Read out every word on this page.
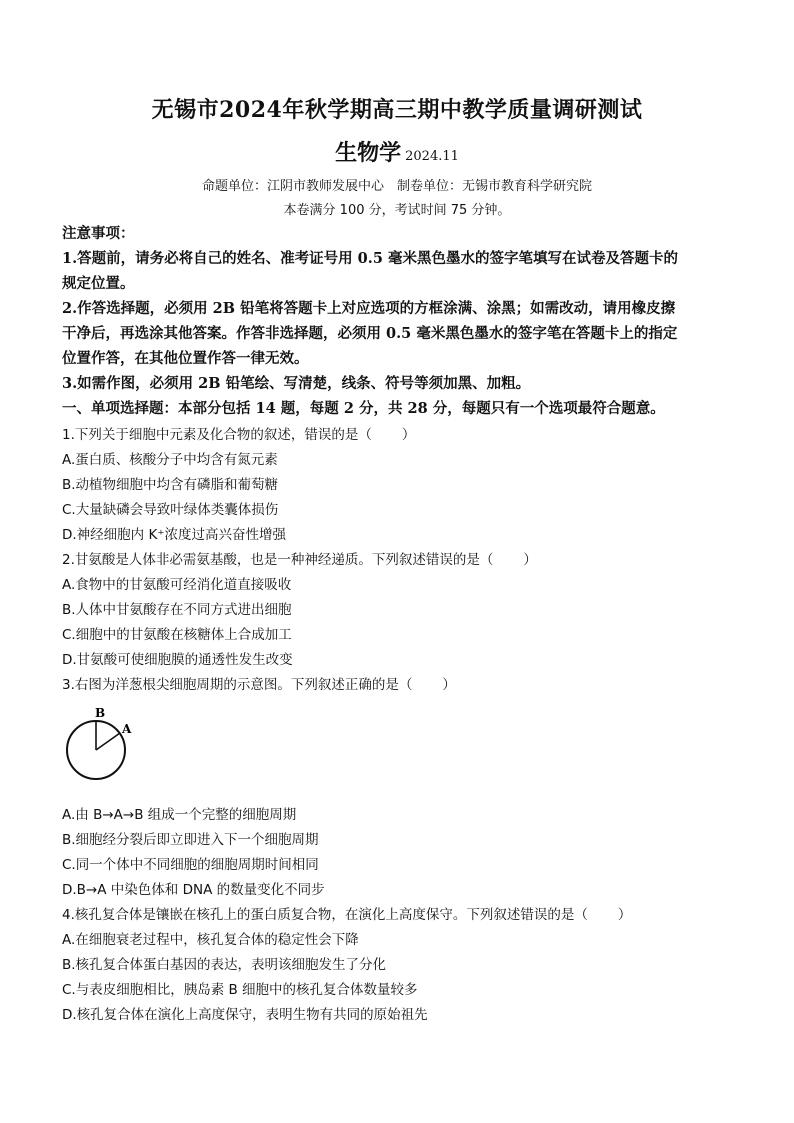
无锡市2024年秋学期高三期中教学质量调研测试
生物学 2024.11
命题单位：江阴市教师发展中心　制卷单位：无锡市教育科学研究院
本卷满分 100 分，考试时间 75 分钟。
注意事项：
1.答题前，请务必将自己的姓名、准考证号用 0.5 毫米黑色墨水的签字笔填写在试卷及答题卡的
规定位置。
2.作答选择题，必须用 2B 铅笔将答题卡上对应选项的方框涂满、涂黑；如需改动，请用橡皮擦
干净后，再选涂其他答案。作答非选择题，必须用 0.5 毫米黑色墨水的签字笔在答题卡上的指定
位置作答，在其他位置作答一律无效。
3.如需作图，必须用 2B 铅笔绘、写清楚，线条、符号等须加黑、加粗。
一、单项选择题：本部分包括 14 题，每题 2 分，共 28 分，每题只有一个选项最符合题意。
1.下列关于细胞中元素及化合物的叙述，错误的是（ ）
A.蛋白质、核酸分子中均含有氮元素
B.动植物细胞中均含有磷脂和葡萄糖
C.大量缺磷会导致叶绿体类囊体损伤
D.神经细胞内 K⁺浓度过高兴奋性增强
2.甘氨酸是人体非必需氨基酸，也是一种神经递质。下列叙述错误的是（ ）
A.食物中的甘氨酸可经消化道直接吸收
B.人体中甘氨酸存在不同方式进出细胞
C.细胞中的甘氨酸在核糖体上合成加工
D.甘氨酸可使细胞膜的通透性发生改变
3.右图为洋葱根尖细胞周期的示意图。下列叙述正确的是（ ）
B
A
A.由 B→A→B 组成一个完整的细胞周期
B.细胞经分裂后即立即进入下一个细胞周期
C.同一个体中不同细胞的细胞周期时间相同
D.B→A 中染色体和 DNA 的数量变化不同步
4.核孔复合体是镶嵌在核孔上的蛋白质复合物，在演化上高度保守。下列叙述错误的是（ ）
A.在细胞衰老过程中，核孔复合体的稳定性会下降
B.核孔复合体蛋白基因的表达，表明该细胞发生了分化
C.与表皮细胞相比，胰岛素 B 细胞中的核孔复合体数量较多
D.核孔复合体在演化上高度保守，表明生物有共同的原始祖先
